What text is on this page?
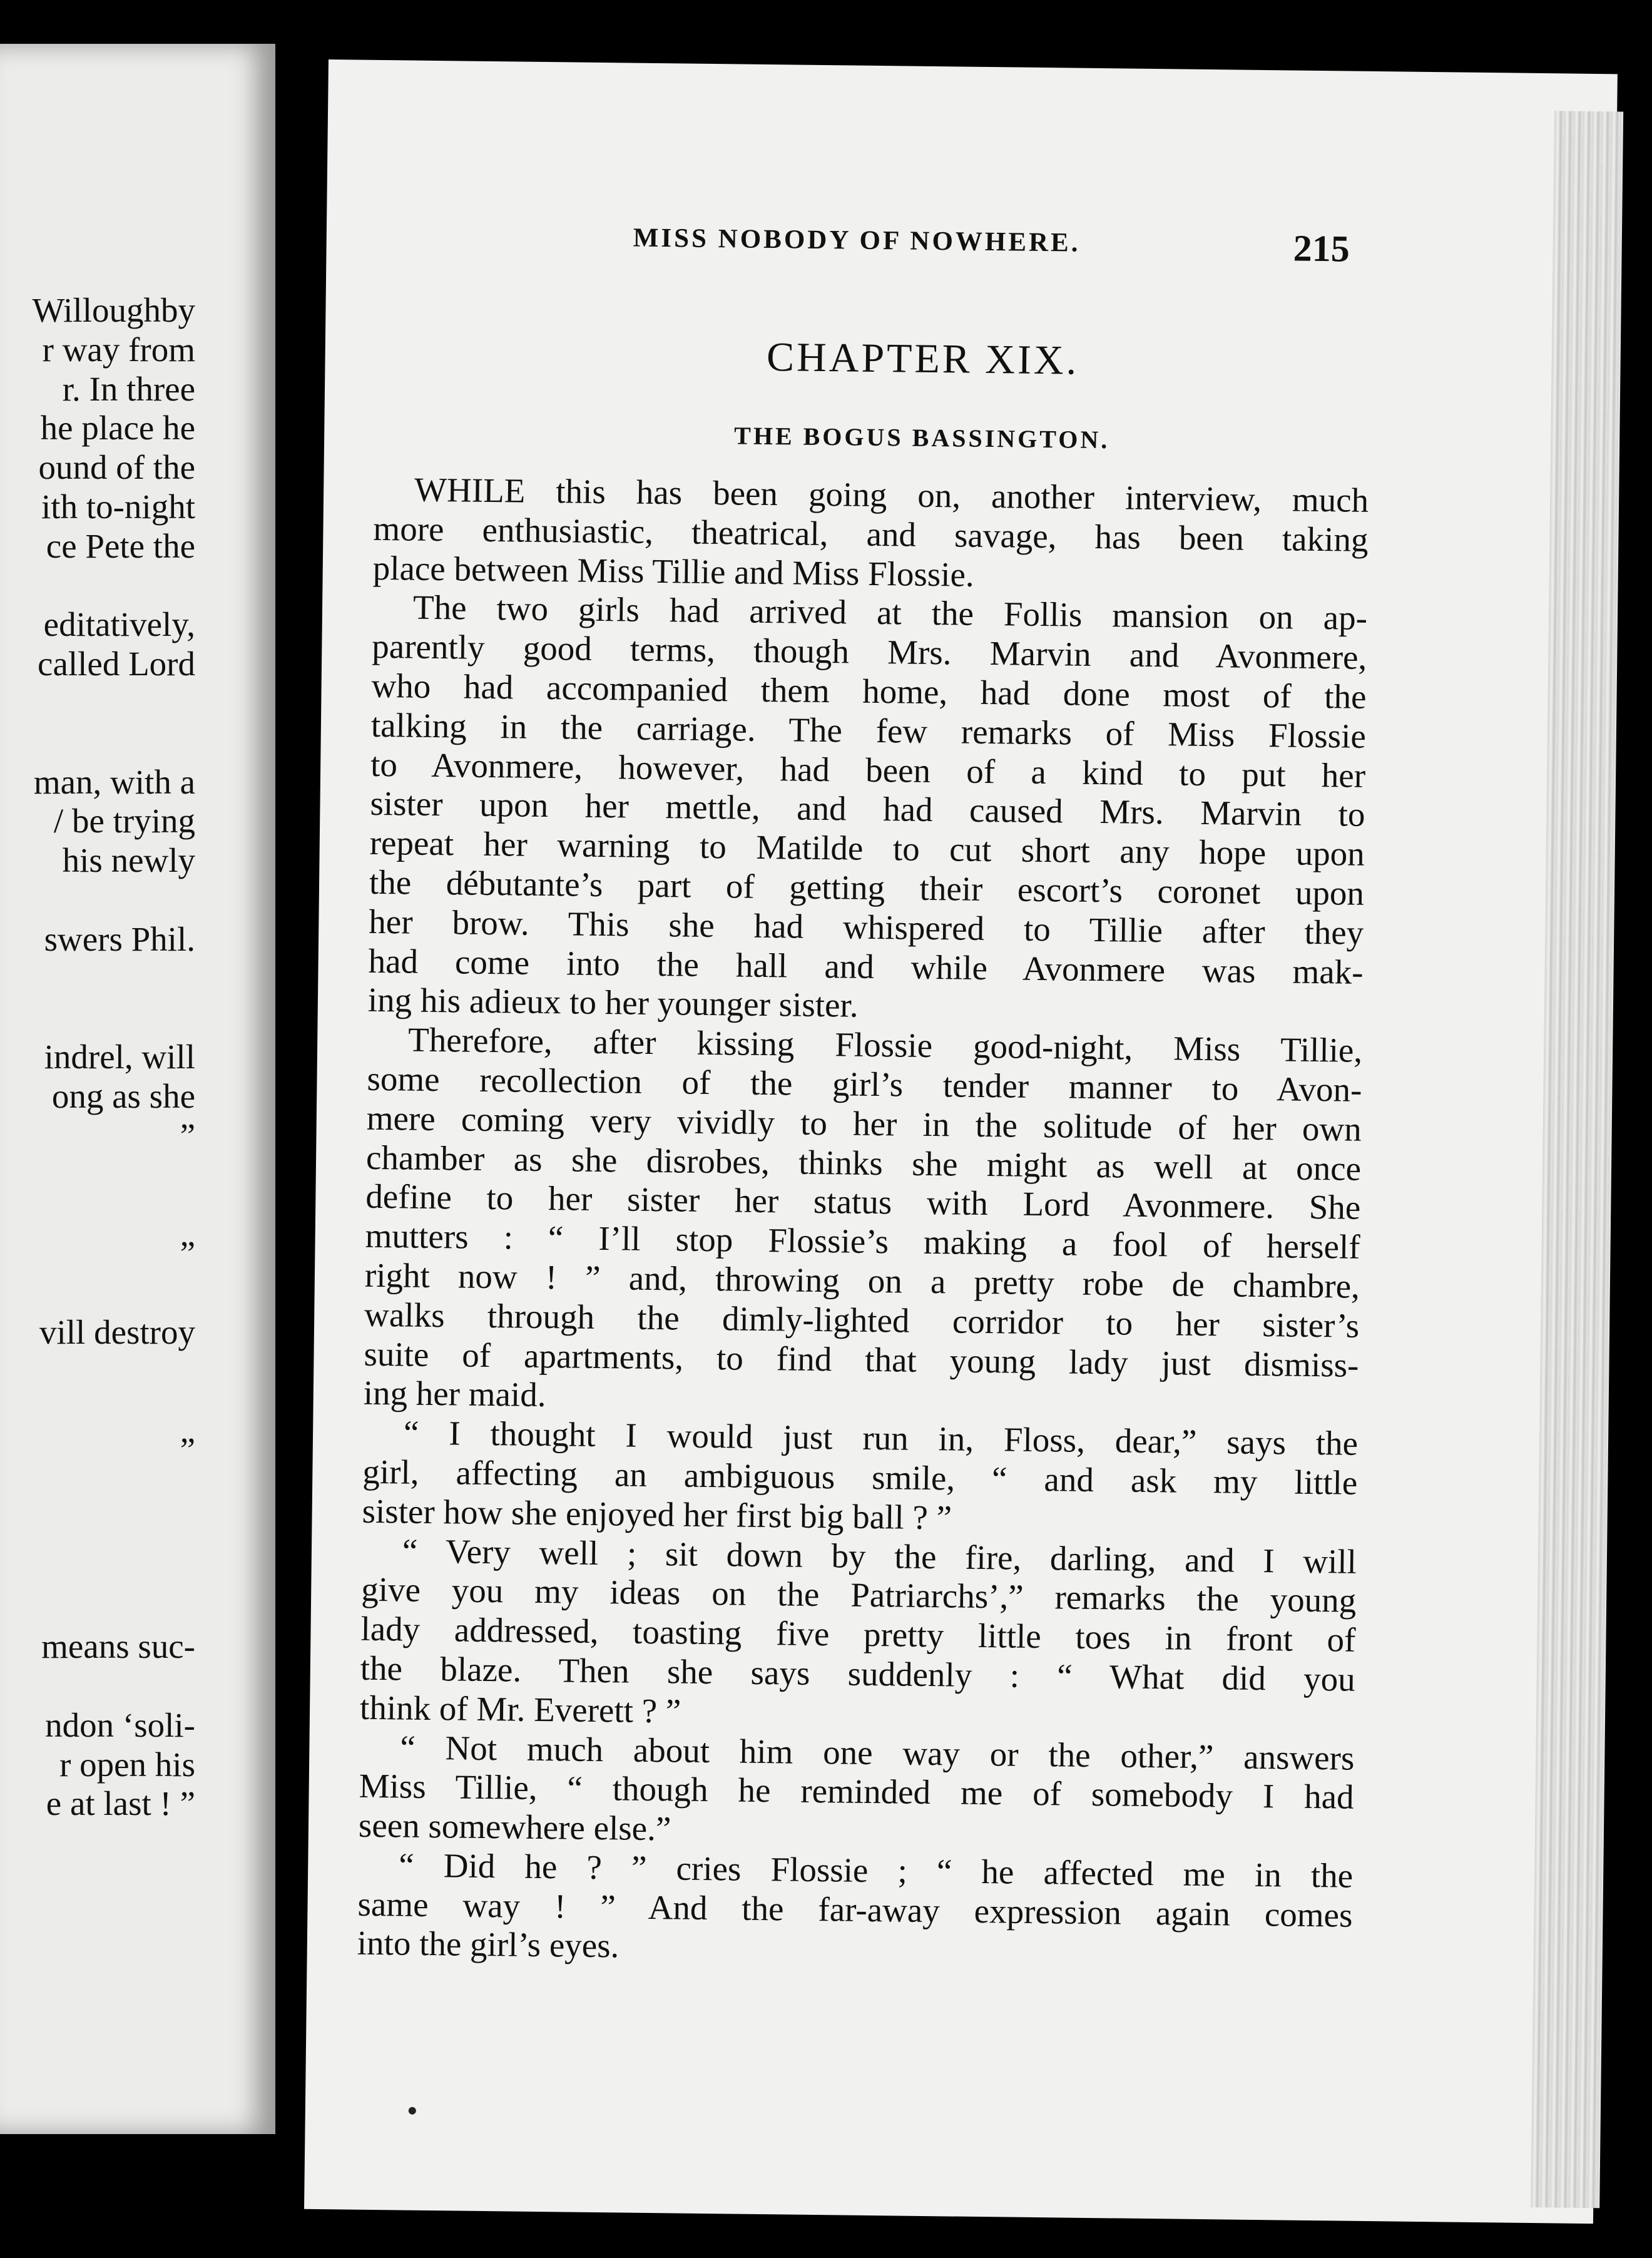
Willoughby
r way from
r. In three
he place he
ound of the
ith to-night
ce Pete the
editatively,
called Lord
man, with a
/ be trying
his newly
swers Phil.
indrel, will
ong as she
”
”
vill destroy
”
means suc-
ndon ‘soli-
r open his
e at last ! ”
MISS NOBODY OF NOWHERE.	215
CHAPTER XIX.
THE BOGUS BASSINGTON.
WHILE this has been going on, another interview, much
more enthusiastic, theatrical, and savage, has been taking
place between Miss Tillie and Miss Flossie.
The two girls had arrived at the Follis mansion on ap-
parently good terms, though Mrs. Marvin and Avonmere,
who had accompanied them home, had done most of the
talking in the carriage. The few remarks of Miss Flossie
to Avonmere, however, had been of a kind to put her
sister upon her mettle, and had caused Mrs. Marvin to
repeat her warning to Matilde to cut short any hope upon
the débutante’s part of getting their escort’s coronet upon
her brow. This she had whispered to Tillie after they
had come into the hall and while Avonmere was mak-
ing his adieux to her younger sister.
Therefore, after kissing Flossie good-night, Miss Tillie,
some recollection of the girl’s tender manner to Avon-
mere coming very vividly to her in the solitude of her own
chamber as she disrobes, thinks she might as well at once
define to her sister her status with Lord Avonmere. She
mutters : “ I’ll stop Flossie’s making a fool of herself
right now ! ” and, throwing on a pretty robe de chambre,
walks through the dimly-lighted corridor to her sister’s
suite of apartments, to find that young lady just dismiss-
ing her maid.
“ I thought I would just run in, Floss, dear,” says the
girl, affecting an ambiguous smile, “ and ask my little
sister how she enjoyed her first big ball ? ”
“ Very well ; sit down by the fire, darling, and I will
give you my ideas on the Patriarchs’,” remarks the young
lady addressed, toasting five pretty little toes in front of
the blaze. Then she says suddenly : “ What did you
think of Mr. Everett ? ”
“ Not much about him one way or the other,” answers
Miss Tillie, “ though he reminded me of somebody I had
seen somewhere else.”
“ Did he ? ” cries Flossie ; “ he affected me in the
same way ! ” And the far-away expression again comes
into the girl’s eyes.
